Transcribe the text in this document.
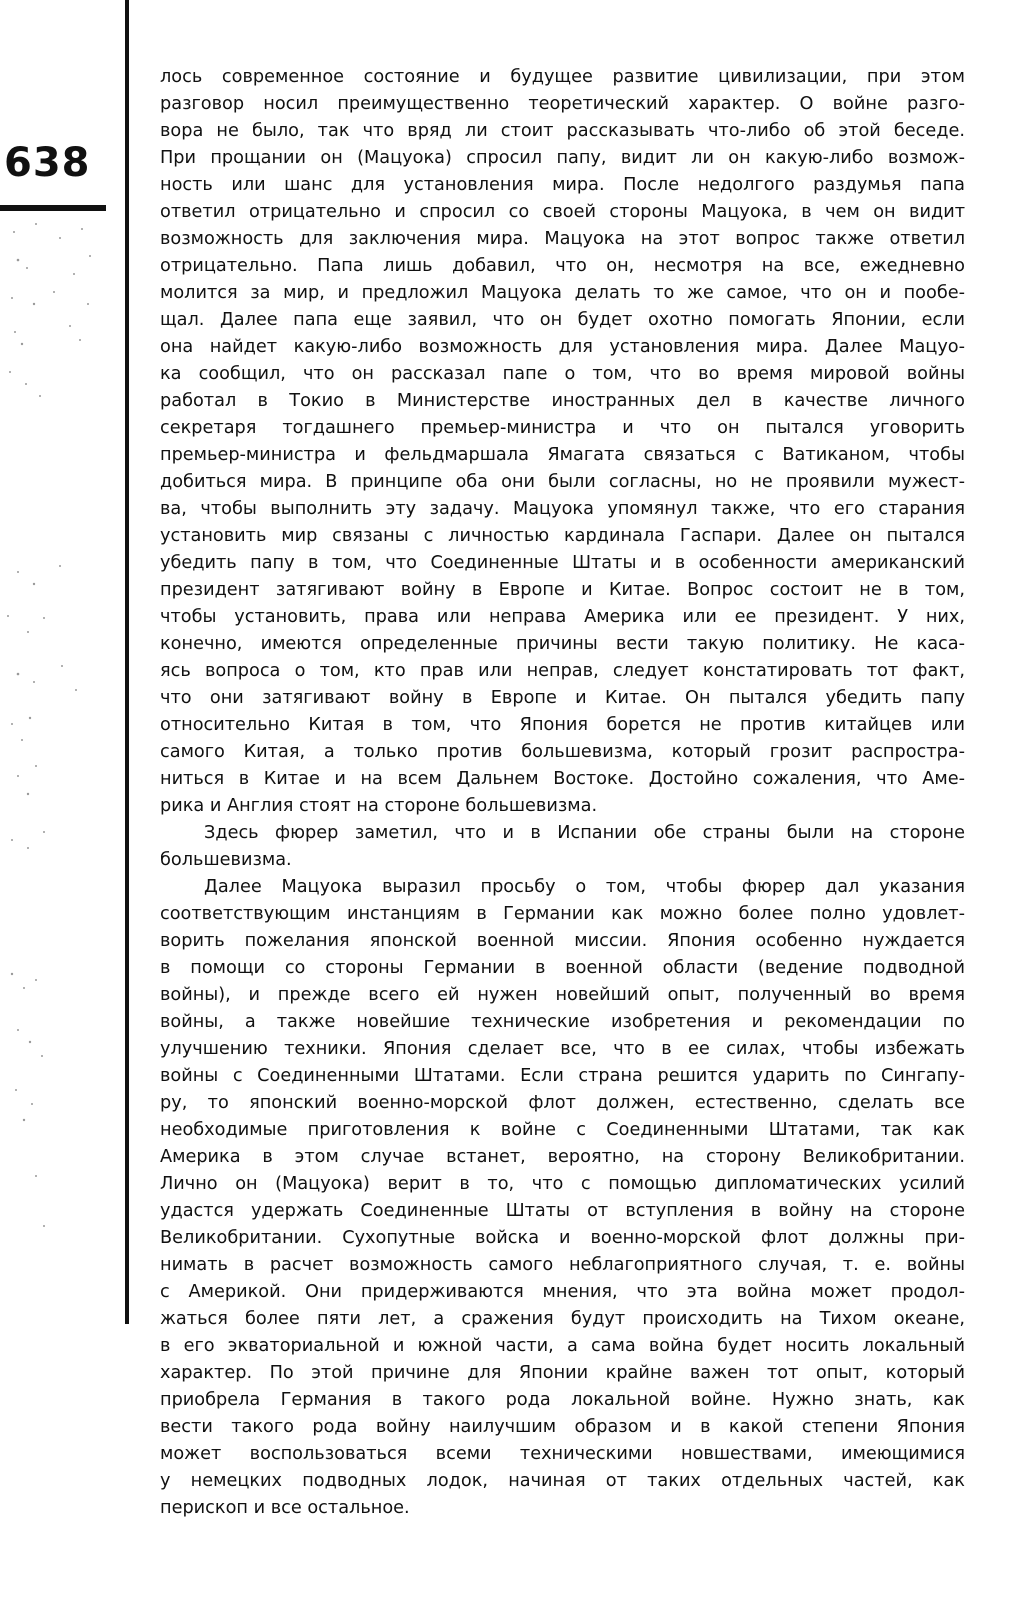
638
лось современное состояние и будущее развитие цивилизации, при этом
разговор носил преимущественно теоретический характер. О войне разго-
вора не было, так что вряд ли стоит рассказывать что-либо об этой беседе.
При прощании он (Мацуока) спросил папу, видит ли он какую-либо возмож-
ность или шанс для установления мира. После недолгого раздумья папа
ответил отрицательно и спросил со своей стороны Мацуока, в чем он видит
возможность для заключения мира. Мацуока на этот вопрос также ответил
отрицательно. Папа лишь добавил, что он, несмотря на все, ежедневно
молится за мир, и предложил Мацуока делать то же самое, что он и пообе-
щал. Далее папа еще заявил, что он будет охотно помогать Японии, если
она найдет какую-либо возможность для установления мира. Далее Мацуо-
ка сообщил, что он рассказал папе о том, что во время мировой войны
работал в Токио в Министерстве иностранных дел в качестве личного
секретаря тогдашнего премьер-министра и что он пытался уговорить
премьер-министра и фельдмаршала Ямагата связаться с Ватиканом, чтобы
добиться мира. В принципе оба они были согласны, но не проявили мужест-
ва, чтобы выполнить эту задачу. Мацуока упомянул также, что его старания
установить мир связаны с личностью кардинала Гаспари. Далее он пытался
убедить папу в том, что Соединенные Штаты и в особенности американский
президент затягивают войну в Европе и Китае. Вопрос состоит не в том,
чтобы установить, права или неправа Америка или ее президент. У них,
конечно, имеются определенные причины вести такую политику. Не каса-
ясь вопроса о том, кто прав или неправ, следует констатировать тот факт,
что они затягивают войну в Европе и Китае. Он пытался убедить папу
относительно Китая в том, что Япония борется не против китайцев или
самого Китая, а только против большевизма, который грозит распростра-
ниться в Китае и на всем Дальнем Востоке. Достойно сожаления, что Аме-
рика и Англия стоят на стороне большевизма.
Здесь фюрер заметил, что и в Испании обе страны были на стороне
большевизма.
Далее Мацуока выразил просьбу о том, чтобы фюрер дал указания
соответствующим инстанциям в Германии как можно более полно удовлет-
ворить пожелания японской военной миссии. Япония особенно нуждается
в помощи со стороны Германии в военной области (ведение подводной
войны), и прежде всего ей нужен новейший опыт, полученный во время
войны, а также новейшие технические изобретения и рекомендации по
улучшению техники. Япония сделает все, что в ее силах, чтобы избежать
войны с Соединенными Штатами. Если страна решится ударить по Сингапу-
ру, то японский военно-морской флот должен, естественно, сделать все
необходимые приготовления к войне с Соединенными Штатами, так как
Америка в этом случае встанет, вероятно, на сторону Великобритании.
Лично он (Мацуока) верит в то, что с помощью дипломатических усилий
удастся удержать Соединенные Штаты от вступления в войну на стороне
Великобритании. Сухопутные войска и военно-морской флот должны при-
нимать в расчет возможность самого неблагоприятного случая, т. е. войны
с Америкой. Они придерживаются мнения, что эта война может продол-
жаться более пяти лет, а сражения будут происходить на Тихом океане,
в его экваториальной и южной части, а сама война будет носить локальный
характер. По этой причине для Японии крайне важен тот опыт, который
приобрела Германия в такого рода локальной войне. Нужно знать, как
вести такого рода войну наилучшим образом и в какой степени Япония
может воспользоваться всеми техническими новшествами, имеющимися
у немецких подводных лодок, начиная от таких отдельных частей, как
перископ и все остальное.
